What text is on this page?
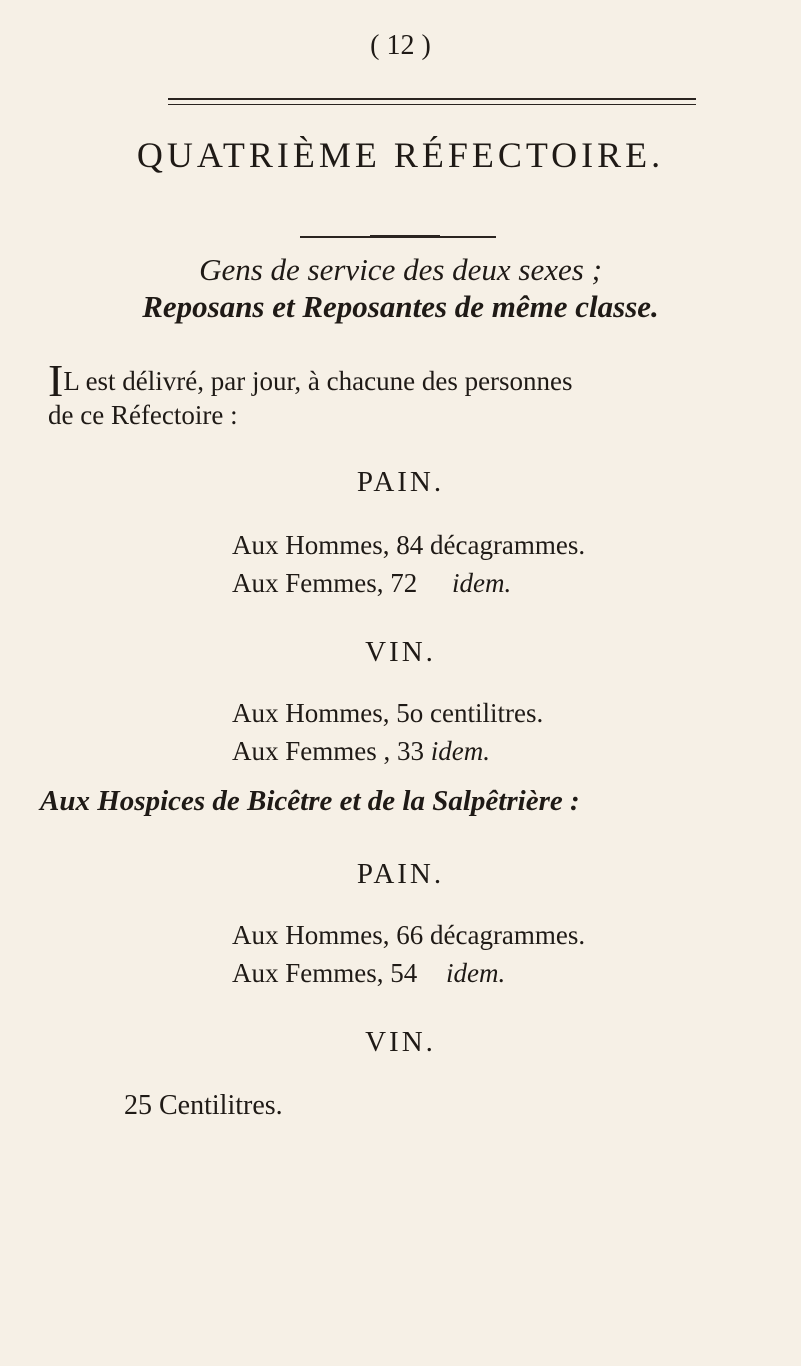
( 12 )
QUATRIÈME RÉFECTOIRE.
Gens de service des deux sexes ;
Reposans et Reposantes de même classe.
IL est délivré, par jour, à chacune des personnes
de ce Réfectoire :
PAIN.
Aux Hommes, 84 décagrammes.
Aux Femmes, 72 idem.
VIN.
Aux Hommes, 5o centilitres.
Aux Femmes , 33 idem.
Aux Hospices de Bicêtre et de la Salpêtrière :
PAIN.
Aux Hommes, 66 décagrammes.
Aux Femmes, 54 idem.
VIN.
25 Centilitres.
